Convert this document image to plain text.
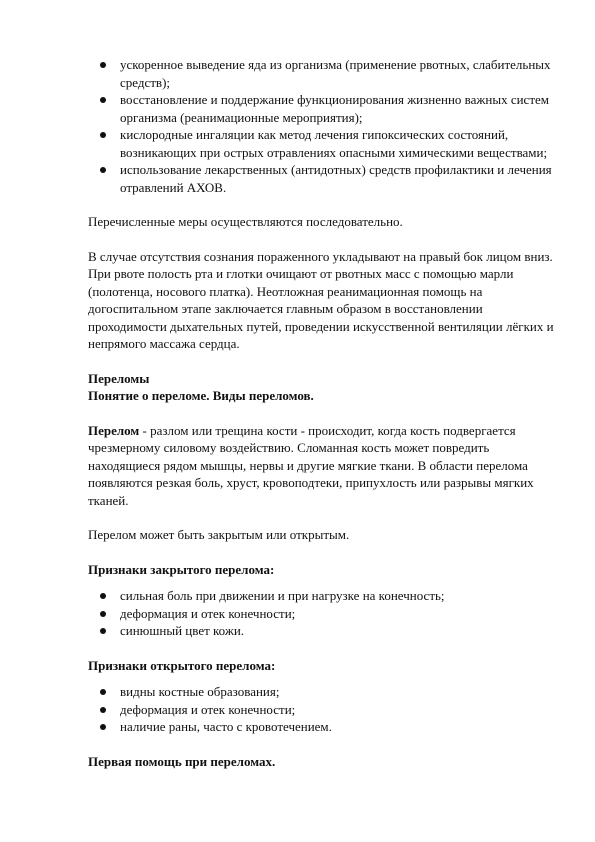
ускоренное выведение яда из организма (применение рвотных, слабительных средств);
восстановление и поддержание функционирования жизненно важных систем организма (реанимационные мероприятия);
кислородные ингаляции как метод лечения гипоксических состояний, возникающих при острых отравлениях опасными химическими веществами;
использование лекарственных (антидотных) средств профилактики и лечения отравлений АХОВ.

Перечисленные меры осуществляются последовательно.

В случае отсутствия сознания пораженного укладывают на правый бок лицом вниз. При рвоте полость рта и глотки очищают от рвотных масс с помощью марли (полотенца, носового платка). Неотложная реанимационная помощь на догоспитальном этапе заключается главным образом в восстановлении проходимости дыхательных путей, проведении искусственной вентиляции лёгких и непрямого массажа сердца.

Переломы

Понятие о переломе. Виды переломов.

Перелом - разлом или трещина кости - происходит, когда кость подвергается чрезмерному силовому воздействию. Сломанная кость может повредить находящиеся рядом мышцы, нервы и другие мягкие ткани. В области перелома появляются резкая боль, хруст, кровоподтеки, припухлость или разрывы мягких тканей.

Перелом может быть закрытым или открытым.

Признаки закрытого перелома:

сильная боль при движении и при нагрузке на конечность;
деформация и отек конечности;
синюшный цвет кожи.

Признаки открытого перелома:

видны костные образования;
деформация и отек конечности;
наличие раны, часто с кровотечением.

Первая помощь при переломах.
